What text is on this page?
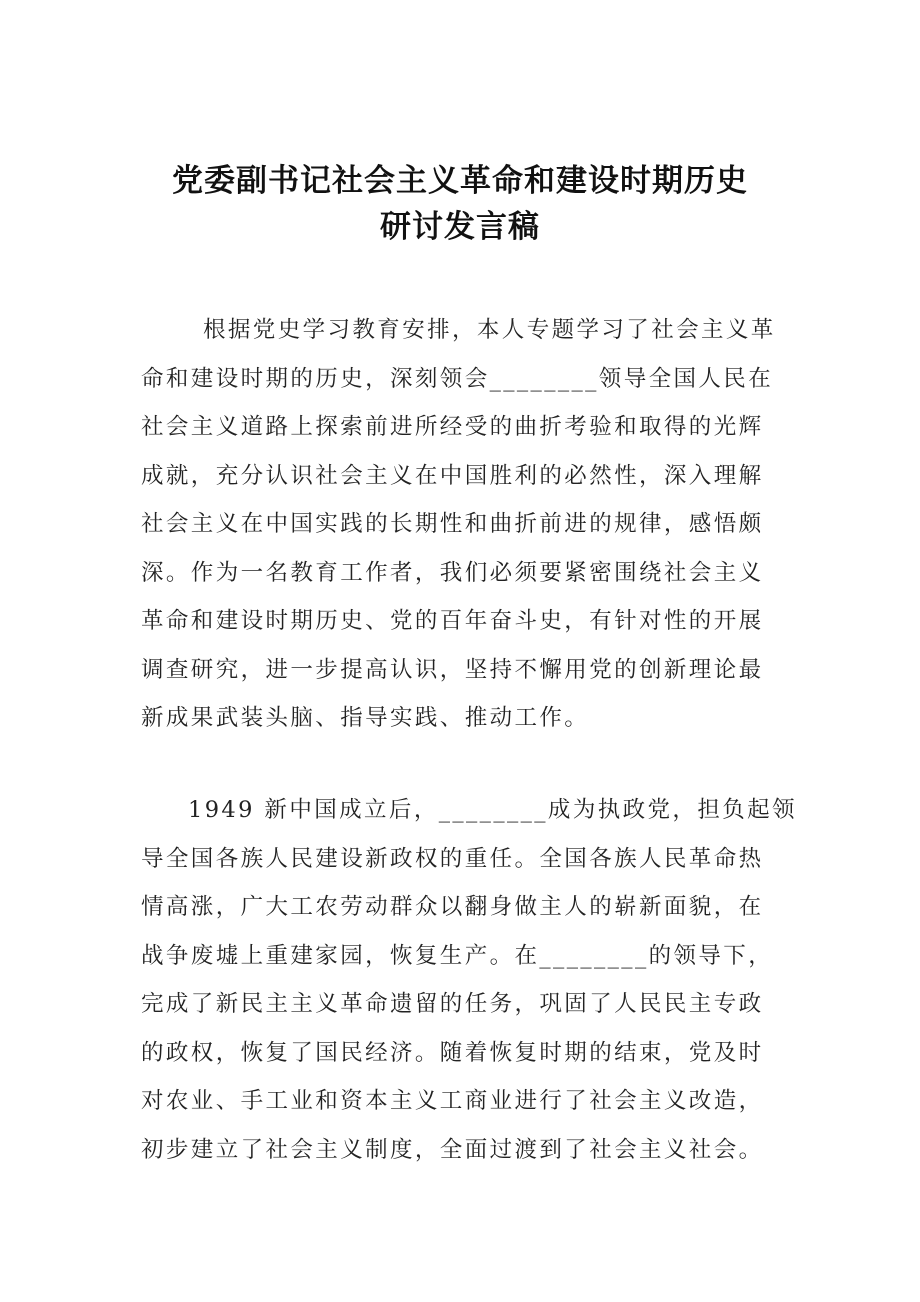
党委副书记社会主义革命和建设时期历史
研讨发言稿
根据党史学习教育安排，本人专题学习了社会主义革
命和建设时期的历史，深刻领会________领导全国人民在
社会主义道路上探索前进所经受的曲折考验和取得的光辉
成就，充分认识社会主义在中国胜利的必然性，深入理解
社会主义在中国实践的长期性和曲折前进的规律，感悟颇
深。作为一名教育工作者，我们必须要紧密围绕社会主义
革命和建设时期历史、党的百年奋斗史，有针对性的开展
调查研究，进一步提高认识，坚持不懈用党的创新理论最
新成果武装头脑、指导实践、推动工作。
1949 新中国成立后，________成为执政党，担负起领
导全国各族人民建设新政权的重任。全国各族人民革命热
情高涨，广大工农劳动群众以翻身做主人的崭新面貌，在
战争废墟上重建家园，恢复生产。在________的领导下，
完成了新民主主义革命遗留的任务，巩固了人民民主专政
的政权，恢复了国民经济。随着恢复时期的结束，党及时
对农业、手工业和资本主义工商业进行了社会主义改造，
初步建立了社会主义制度，全面过渡到了社会主义社会。
